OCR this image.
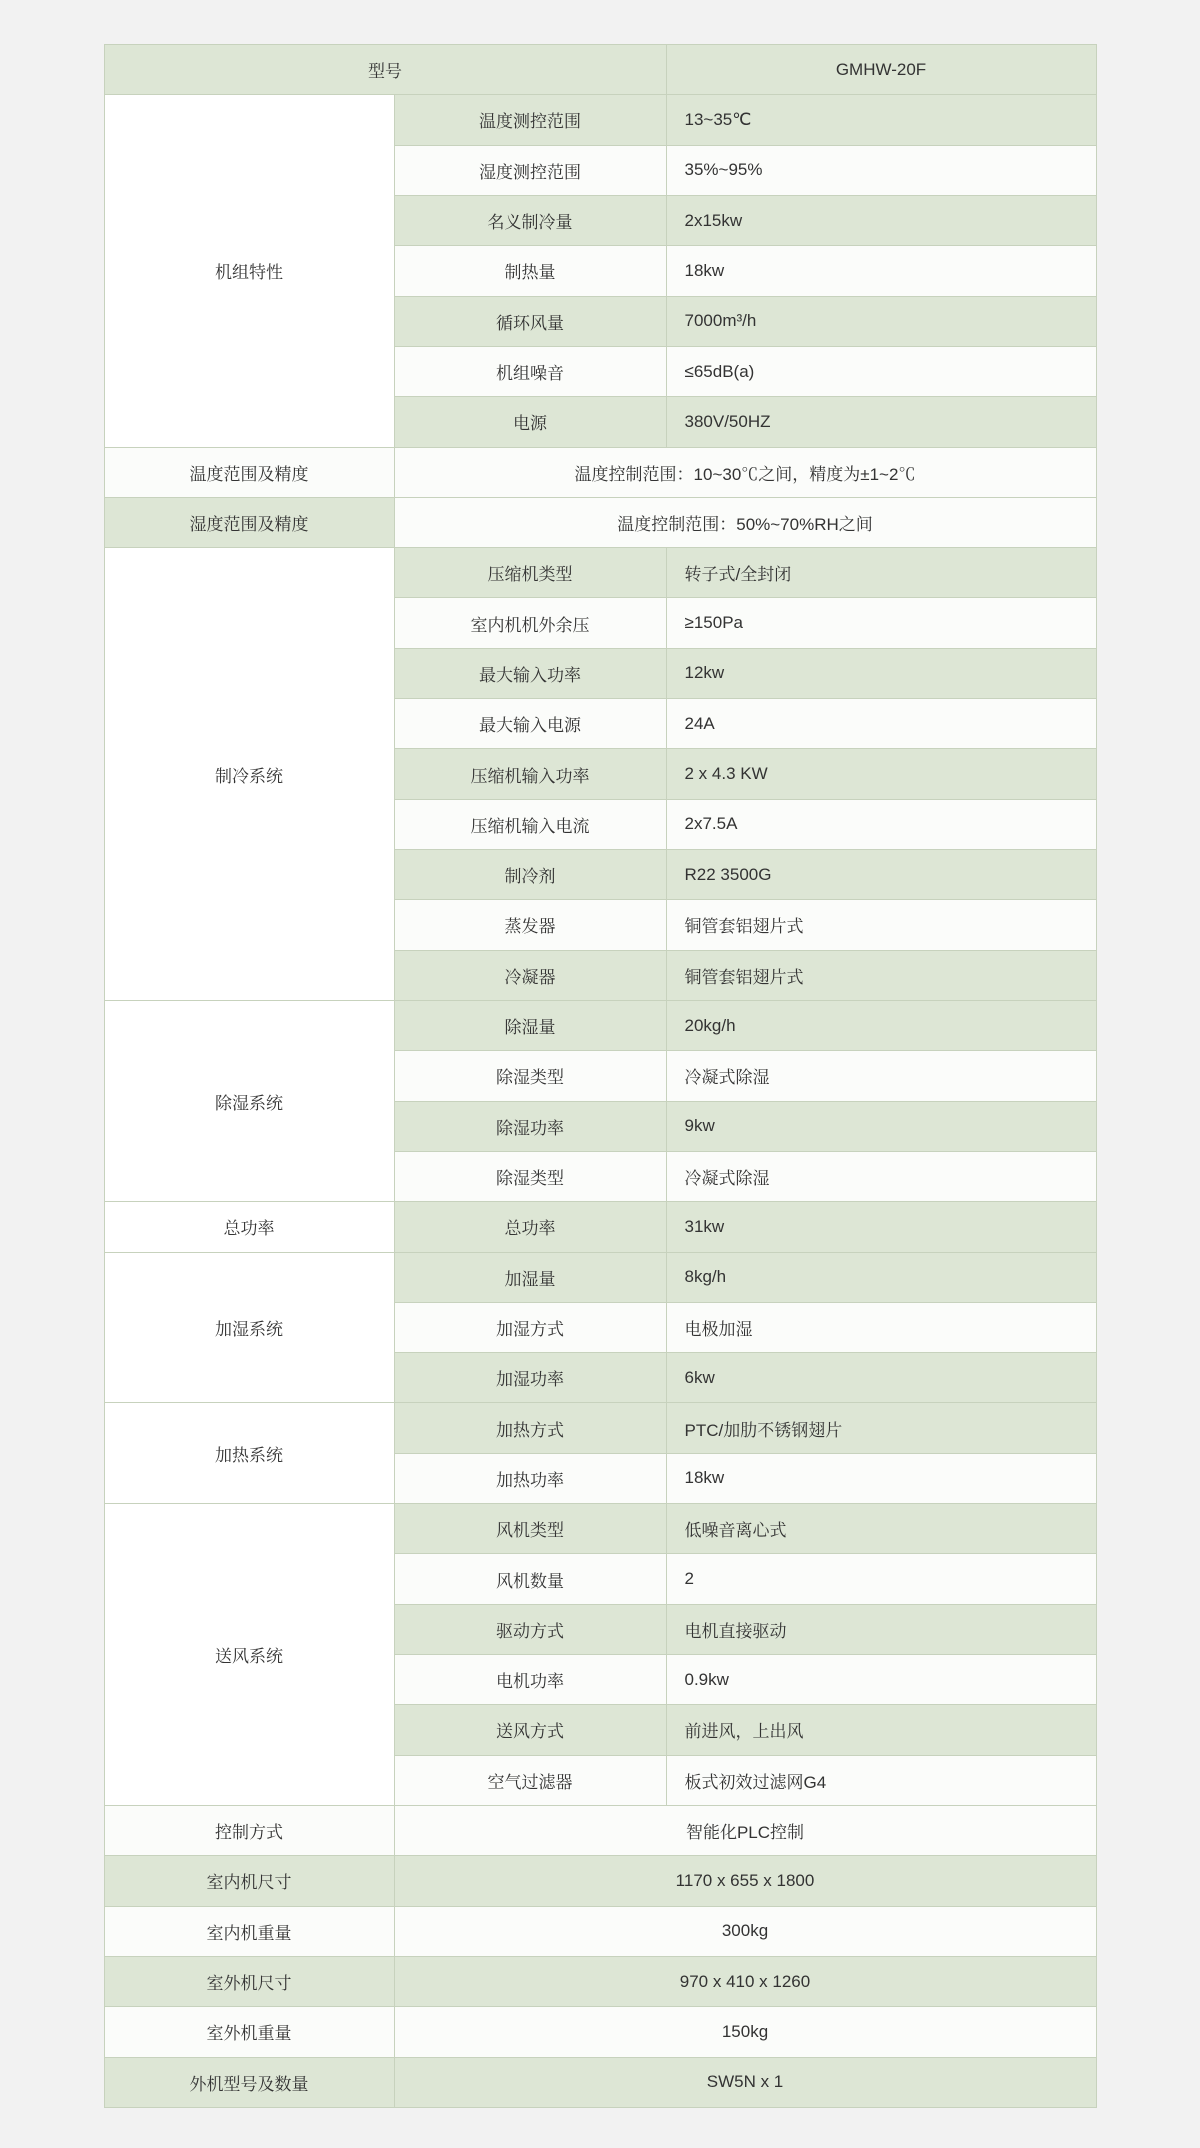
型号		GMHW-20F
机组特性	温度测控范围	13~35℃
	湿度测控范围	35%~95%
	名义制冷量	2x15kw
	制热量	18kw
	循环风量	7000m³/h
	机组噪音	≤65dB(a)
	电源	380V/50HZ
温度范围及精度	温度控制范围：10~30℃之间，精度为±1~2℃	
湿度范围及精度	温度控制范围：50%~70%RH之间	
制冷系统	压缩机类型	转子式/全封闭
	室内机机外余压	≥150Pa
	最大输入功率	12kw
	最大输入电源	24A
	压缩机输入功率	2 x 4.3 KW
	压缩机输入电流	2x7.5A
	制冷剂	R22 3500G
	蒸发器	铜管套铝翅片式
	冷凝器	铜管套铝翅片式
除湿系统	除湿量	20kg/h
	除湿类型	冷凝式除湿
	除湿功率	9kw
	除湿类型	冷凝式除湿
总功率	总功率	31kw
加湿系统	加湿量	8kg/h
	加湿方式	电极加湿
	加湿功率	6kw
加热系统	加热方式	PTC/加肋不锈钢翅片
	加热功率	18kw
送风系统	风机类型	低噪音离心式
	风机数量	2
	驱动方式	电机直接驱动
	电机功率	0.9kw
	送风方式	前进风，上出风
	空气过滤器	板式初效过滤网G4
控制方式	智能化PLC控制	
室内机尺寸	1170 x 655 x 1800	
室内机重量	300kg	
室外机尺寸	970 x 410 x 1260	
室外机重量	150kg	
外机型号及数量	SW5N x 1	
